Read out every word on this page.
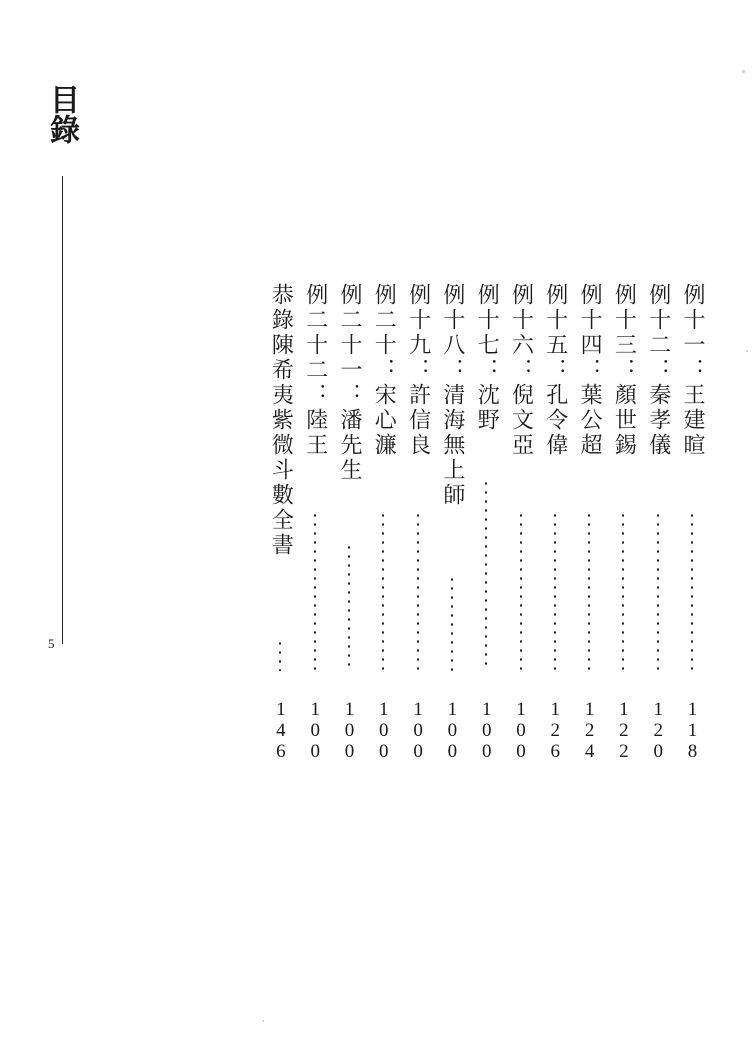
目錄
5
例十一：王建暄
118
例十二：秦孝儀
120
例十三：顏世錫
122
例十四：葉公超
124
例十五：孔令偉
126
例十六：倪文亞
100
例十七：沈野
100
例十八：清海無上師
100
例十九：許信良
100
例二十：宋心濂
100
例二十一：潘先生
100
例二十二：陸王
100
恭錄陳希夷紫微斗數全書
146
